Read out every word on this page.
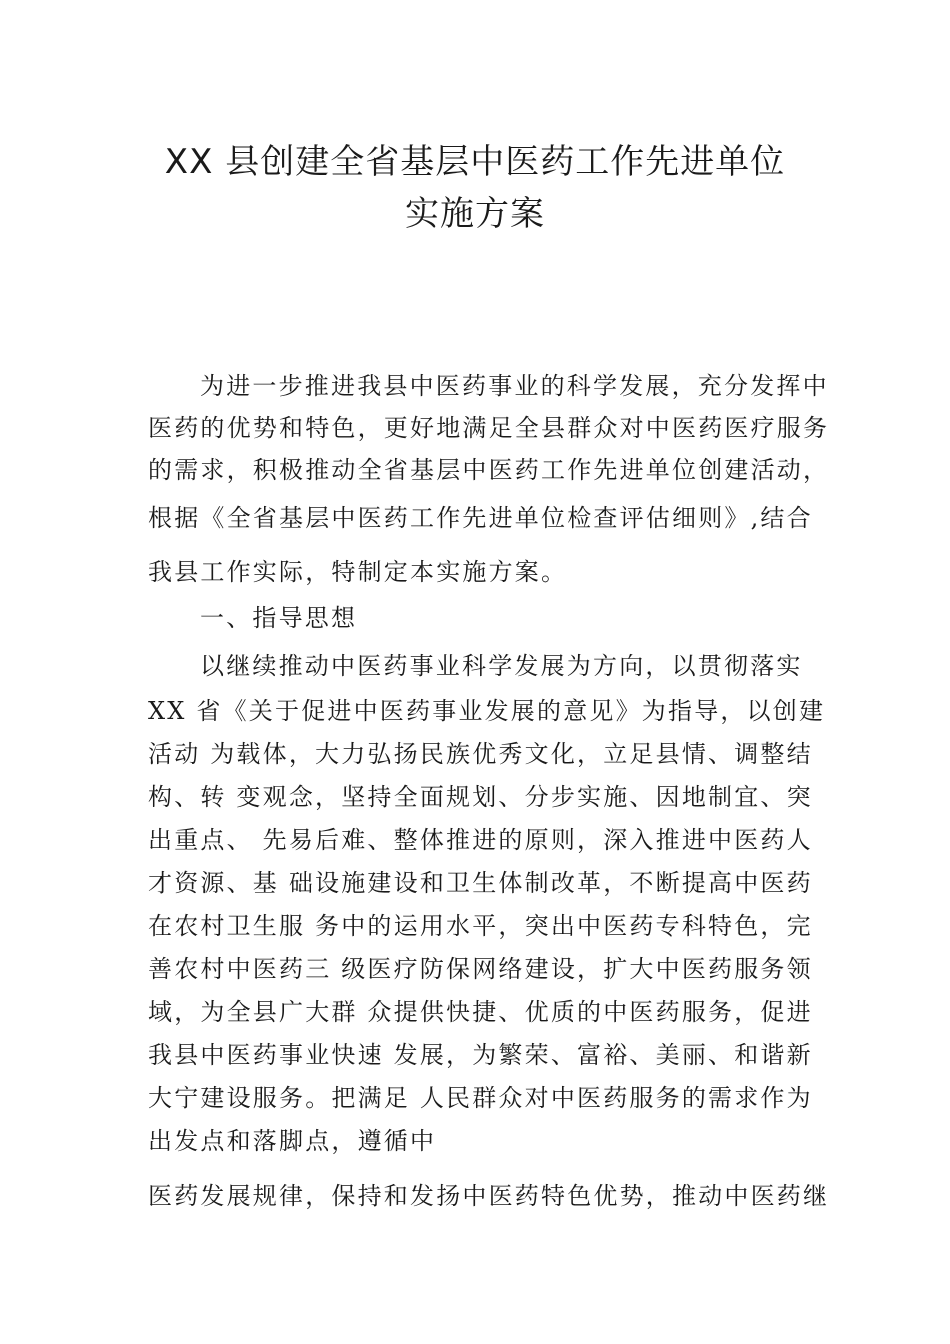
XX 县创建全省基层中医药工作先进单位
实施方案
为进一步推进我县中医药事业的科学发展，充分发挥中
医药的优势和特色，更好地满足全县群众对中医药医疗服务
的需求，积极推动全省基层中医药工作先进单位创建活动，
根据《全省基层中医药工作先进单位检查评估细则》,结合
我县工作实际，特制定本实施方案。
一、指导思想
以继续推动中医药事业科学发展为方向，以贯彻落实
XX 省《关于促进中医药事业发展的意见》为指导，以创建
活动 为载体，大力弘扬民族优秀文化，立足县情、调整结
构、转 变观念，坚持全面规划、分步实施、因地制宜、突
出重点、 先易后难、整体推进的原则，深入推进中医药人
才资源、基 础设施建设和卫生体制改革，不断提高中医药
在农村卫生服 务中的运用水平，突出中医药专科特色，完
善农村中医药三 级医疗防保网络建设，扩大中医药服务领
域，为全县广大群 众提供快捷、优质的中医药服务，促进
我县中医药事业快速 发展，为繁荣、富裕、美丽、和谐新
大宁建设服务。把满足 人民群众对中医药服务的需求作为
出发点和落脚点，遵循中
医药发展规律，保持和发扬中医药特色优势，推动中医药继
